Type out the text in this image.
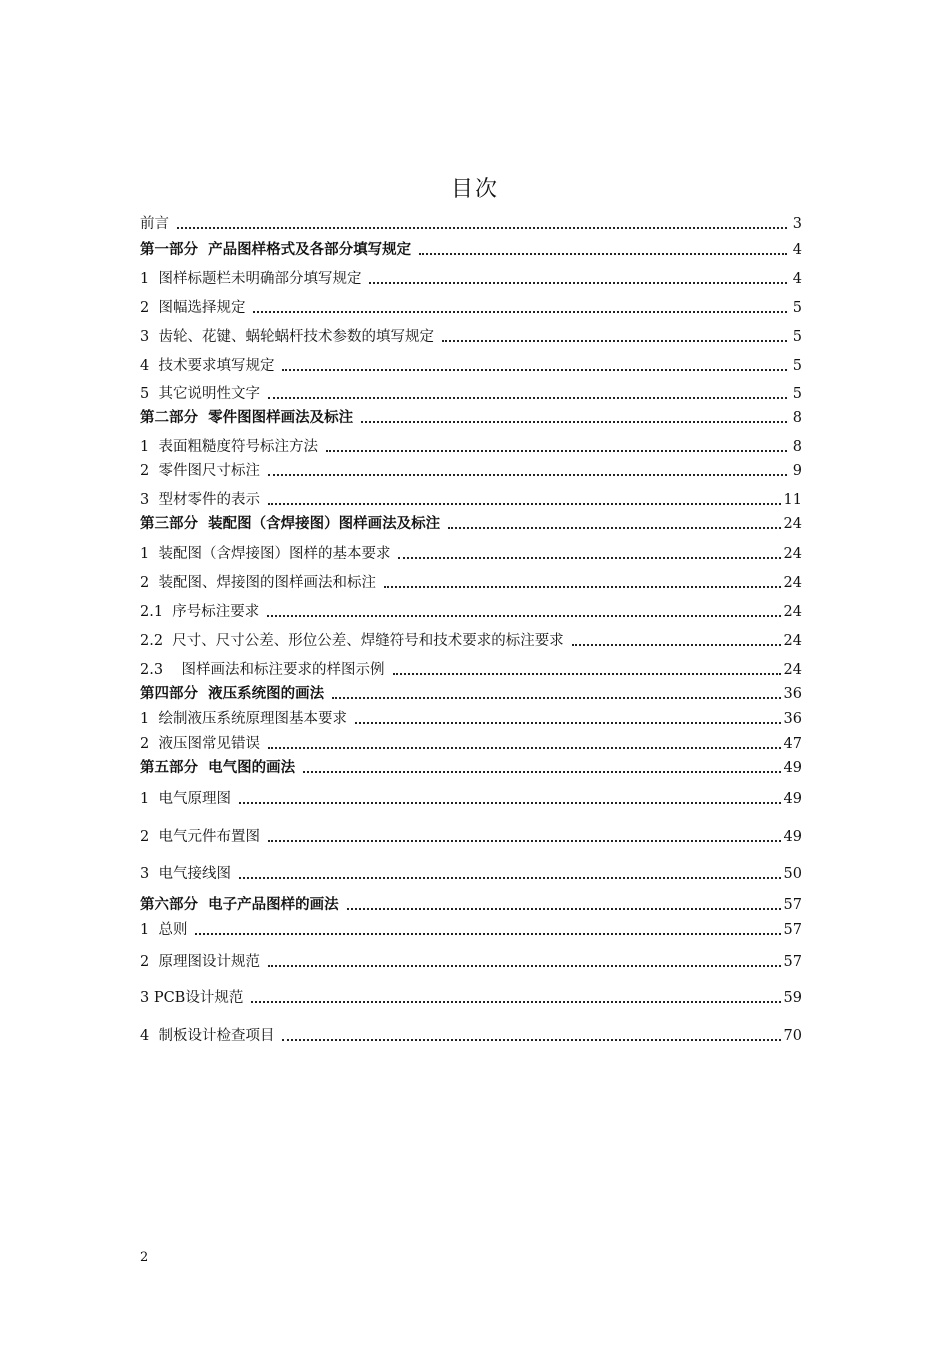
目次
前言	3
第一部分  产品图样格式及各部分填写规定	4
1  图样标题栏未明确部分填写规定	4
2  图幅选择规定	5
3  齿轮、花键、蜗轮蜗杆技术参数的填写规定	5
4  技术要求填写规定	5
5  其它说明性文字	5
第二部分  零件图图样画法及标注	8
1  表面粗糙度符号标注方法	8
2  零件图尺寸标注	9
3  型材零件的表示	11
第三部分  装配图（含焊接图）图样画法及标注	24
1  装配图（含焊接图）图样的基本要求	24
2  装配图、焊接图的图样画法和标注	24
2.1  序号标注要求	24
2.2  尺寸、尺寸公差、形位公差、焊缝符号和技术要求的标注要求	24
2.3    图样画法和标注要求的样图示例	24
第四部分  液压系统图的画法	36
1  绘制液压系统原理图基本要求	36
2  液压图常见错误	47
第五部分  电气图的画法	49
1  电气原理图	49
2  电气元件布置图	49
3  电气接线图	50
第六部分  电子产品图样的画法	57
1  总则	57
2  原理图设计规范	57
3 PCB设计规范	59
4  制板设计检查项目	70
2
